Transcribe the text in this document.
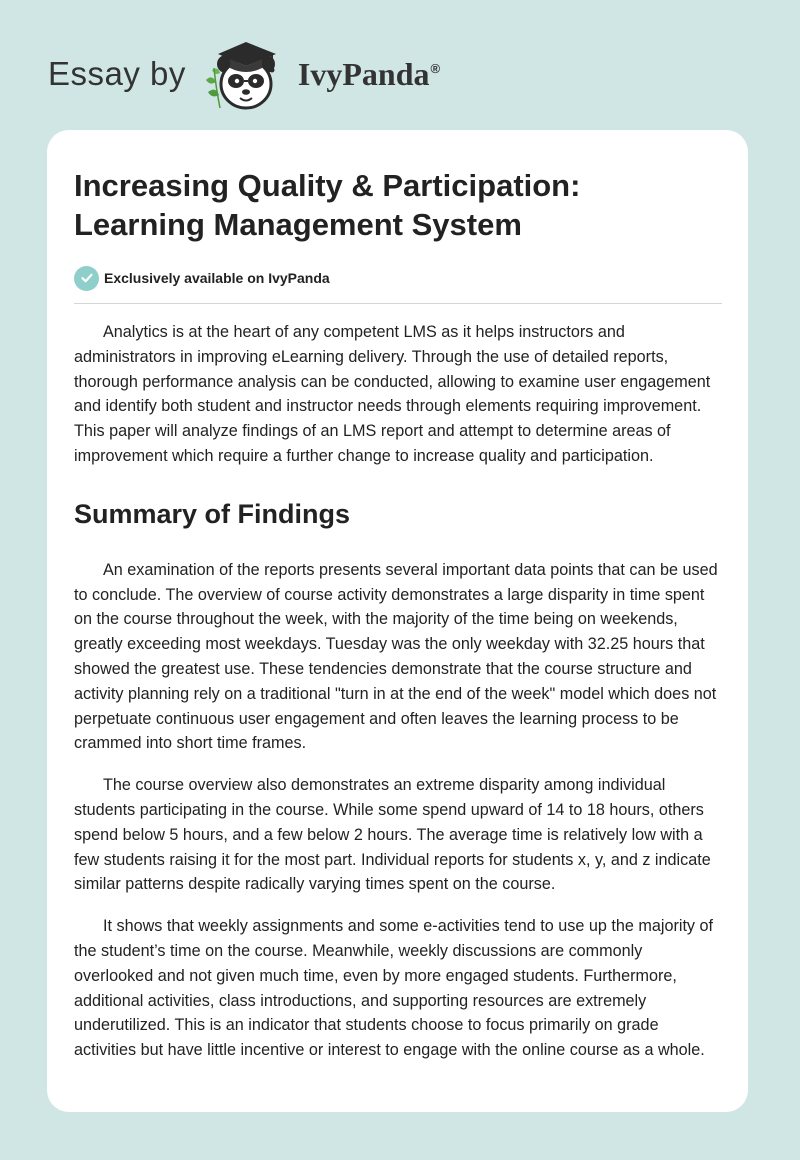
Essay by	IvyPanda®
Increasing Quality & Participation:
Learning Management System
Exclusively available on IvyPanda

Analytics is at the heart of any competent LMS as it helps instructors and administrators in improving eLearning delivery. Through the use of detailed reports, thorough performance analysis can be conducted, allowing to examine user engagement and identify both student and instructor needs through elements requiring improvement. This paper will analyze findings of an LMS report and attempt to determine areas of improvement which require a further change to increase quality and participation.

Summary of Findings

An examination of the reports presents several important data points that can be used to conclude. The overview of course activity demonstrates a large disparity in time spent on the course throughout the week, with the majority of the time being on weekends, greatly exceeding most weekdays. Tuesday was the only weekday with 32.25 hours that showed the greatest use. These tendencies demonstrate that the course structure and activity planning rely on a traditional "turn in at the end of the week" model which does not perpetuate continuous user engagement and often leaves the learning process to be crammed into short time frames.

The course overview also demonstrates an extreme disparity among individual students participating in the course. While some spend upward of 14 to 18 hours, others spend below 5 hours, and a few below 2 hours. The average time is relatively low with a few students raising it for the most part. Individual reports for students x, y, and z indicate similar patterns despite radically varying times spent on the course.

It shows that weekly assignments and some e-activities tend to use up the majority of the student’s time on the course. Meanwhile, weekly discussions are commonly overlooked and not given much time, even by more engaged students. Furthermore, additional activities, class introductions, and supporting resources are extremely underutilized. This is an indicator that students choose to focus primarily on grade activities but have little incentive or interest to engage with the online course as a whole.
